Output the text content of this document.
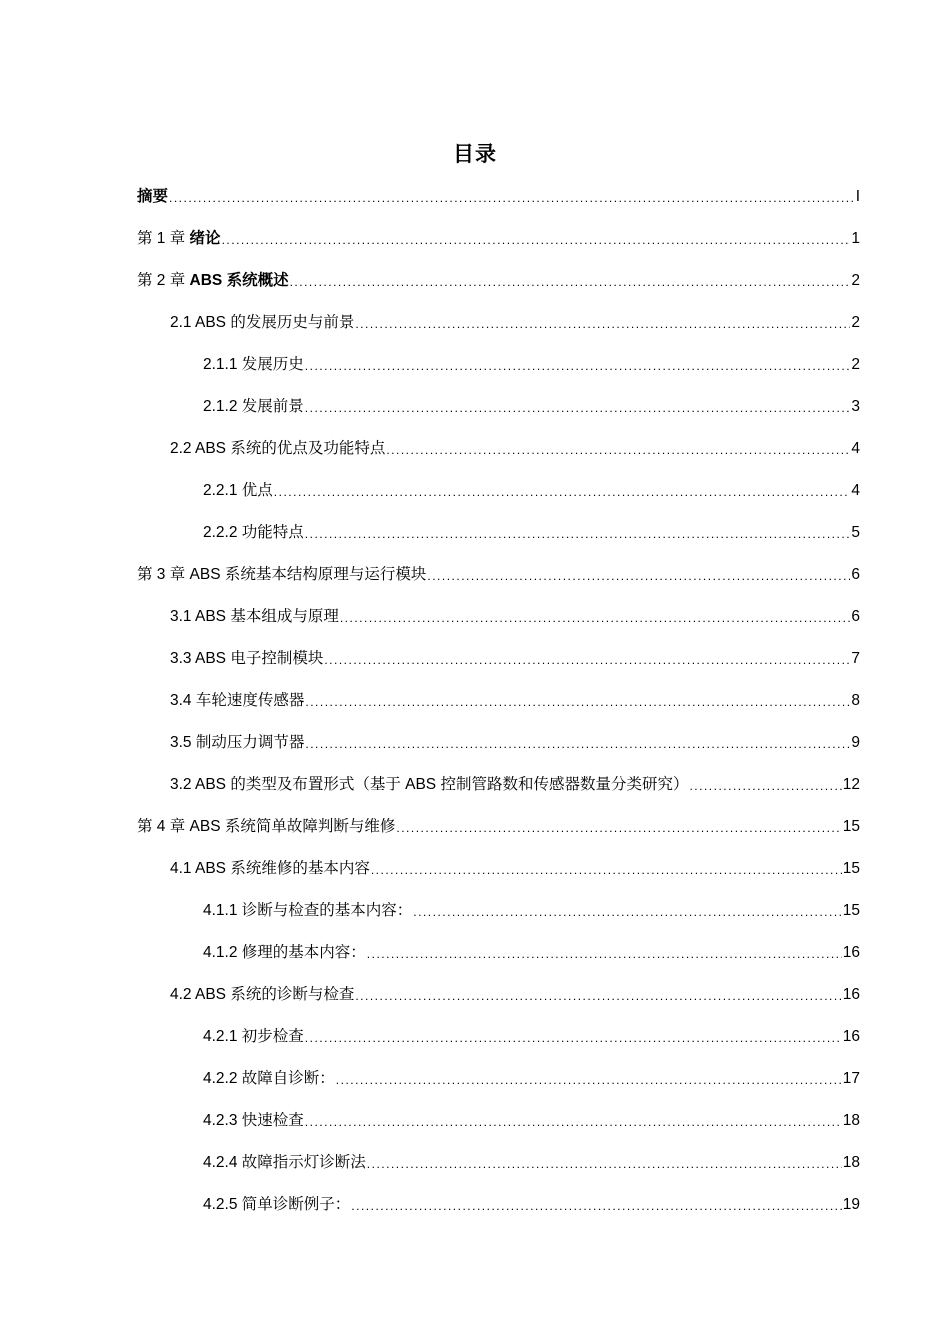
目录
摘要 .....	I
第 1 章 绪论 .....	1
第 2 章 ABS 系统概述 .....	2
2.1 ABS 的发展历史与前景 .....	2
2.1.1 发展历史 .....	2
2.1.2 发展前景 .....	3
2.2 ABS 系统的优点及功能特点 .....	4
2.2.1 优点 .....	4
2.2.2 功能特点 .....	5
第 3 章 ABS 系统基本结构原理与运行模块 .....	6
3.1 ABS 基本组成与原理 .....	6
3.3 ABS 电子控制模块 .....	7
3.4 车轮速度传感器 .....	8
3.5 制动压力调节器 .....	9
3.2 ABS 的类型及布置形式（基于 ABS 控制管路数和传感器数量分类研究） .....	12
第 4 章 ABS 系统简单故障判断与维修 .....	15
4.1 ABS 系统维修的基本内容 .....	15
4.1.1 诊断与检查的基本内容： .....	15
4.1.2 修理的基本内容： .....	16
4.2 ABS 系统的诊断与检查 .....	16
4.2.1 初步检查 .....	16
4.2.2 故障自诊断： .....	17
4.2.3 快速检查 .....	18
4.2.4 故障指示灯诊断法 .....	18
4.2.5 简单诊断例子： .....	19
